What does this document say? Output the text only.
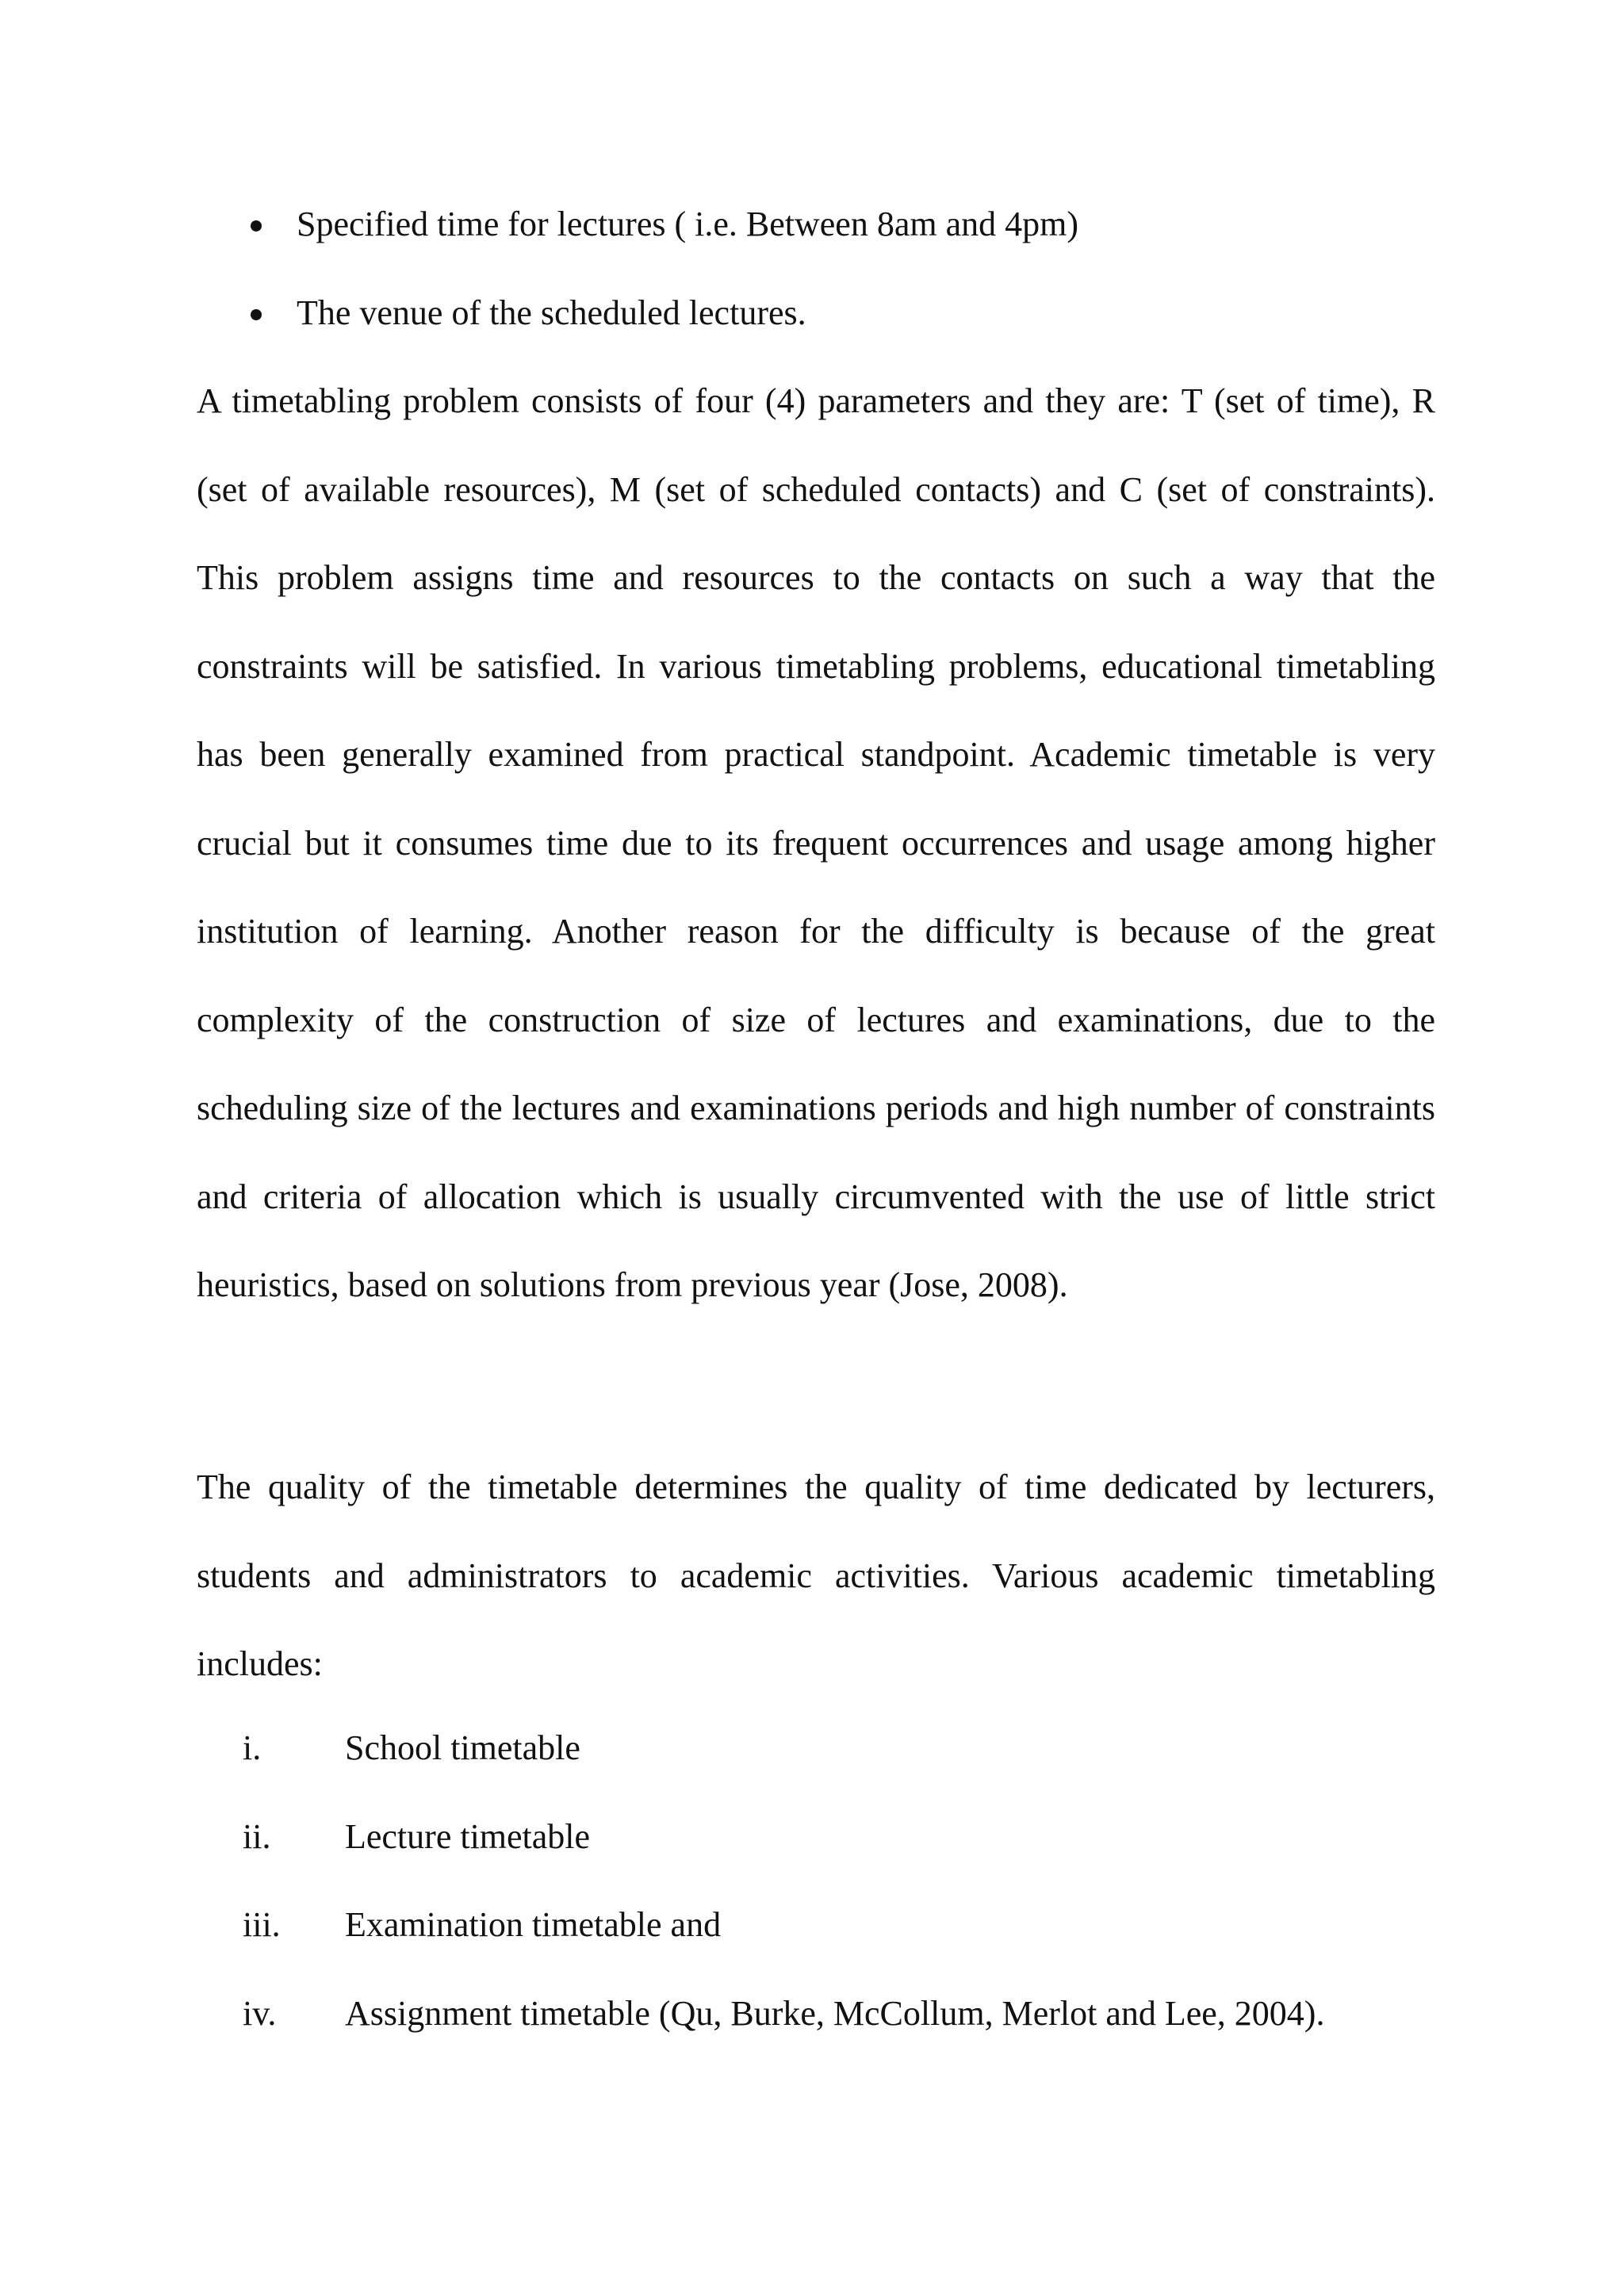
Specified time for lectures ( i.e. Between 8am and 4pm)
The venue of the scheduled lectures.

A timetabling problem consists of four (4) parameters and they are: T (set of time), R (set of available resources), M (set of scheduled contacts) and C (set of constraints). This problem assigns time and resources to the contacts on such a way that the constraints will be satisfied. In various timetabling problems, educational timetabling has been generally examined from practical standpoint. Academic timetable is very crucial but it consumes time due to its frequent occurrences and usage among higher institution of learning. Another reason for the difficulty is because of the great complexity of the construction of size of lectures and examinations, due to the scheduling size of the lectures and examinations periods and high number of constraints and criteria of allocation which is usually circumvented with the use of little strict heuristics, based on solutions from previous year (Jose, 2008).

The quality of the timetable determines the quality of time dedicated by lecturers, students and administrators to academic activities. Various academic timetabling includes:

i. School timetable
ii. Lecture timetable
iii. Examination timetable and
iv. Assignment timetable (Qu, Burke, McCollum, Merlot and Lee, 2004).
